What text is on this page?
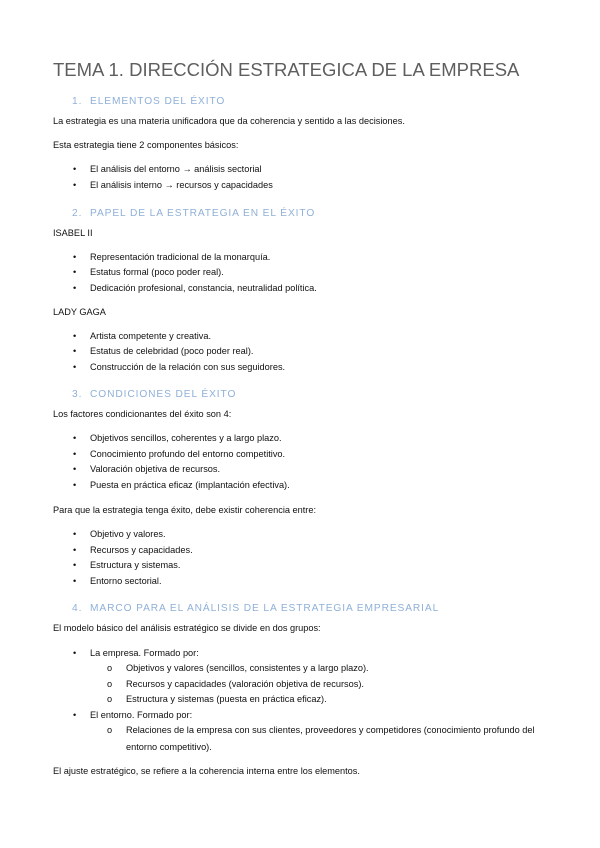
TEMA 1. DIRECCIÓN ESTRATEGICA DE LA EMPRESA
1. ELEMENTOS DEL ÉXITO

La estrategia es una materia unificadora que da coherencia y sentido a las decisiones.

Esta estrategia tiene 2 componentes básicos:

• El análisis del entorno → análisis sectorial
• El análisis interno → recursos y capacidades
2. PAPEL DE LA ESTRATEGIA EN EL ÉXITO

ISABEL II

• Representación tradicional de la monarquía.
• Estatus formal (poco poder real).
• Dedicación profesional, constancia, neutralidad política.

LADY GAGA

• Artista competente y creativa.
• Estatus de celebridad (poco poder real).
• Construcción de la relación con sus seguidores.
3. CONDICIONES DEL ÉXITO

Los factores condicionantes del éxito son 4:

• Objetivos sencillos, coherentes y a largo plazo.
• Conocimiento profundo del entorno competitivo.
• Valoración objetiva de recursos.
• Puesta en práctica eficaz (implantación efectiva).

Para que la estrategia tenga éxito, debe existir coherencia entre:

• Objetivo y valores.
• Recursos y capacidades.
• Estructura y sistemas.
• Entorno sectorial.
4. MARCO PARA EL ANÁLISIS DE LA ESTRATEGIA EMPRESARIAL

El modelo básico del análisis estratégico se divide en dos grupos:

• La empresa. Formado por:
o Objetivos y valores (sencillos, consistentes y a largo plazo).
o Recursos y capacidades (valoración objetiva de recursos).
o Estructura y sistemas (puesta en práctica eficaz).
• El entorno. Formado por:
o Relaciones de la empresa con sus clientes, proveedores y competidores (conocimiento profundo del entorno competitivo).

El ajuste estratégico, se refiere a la coherencia interna entre los elementos.
